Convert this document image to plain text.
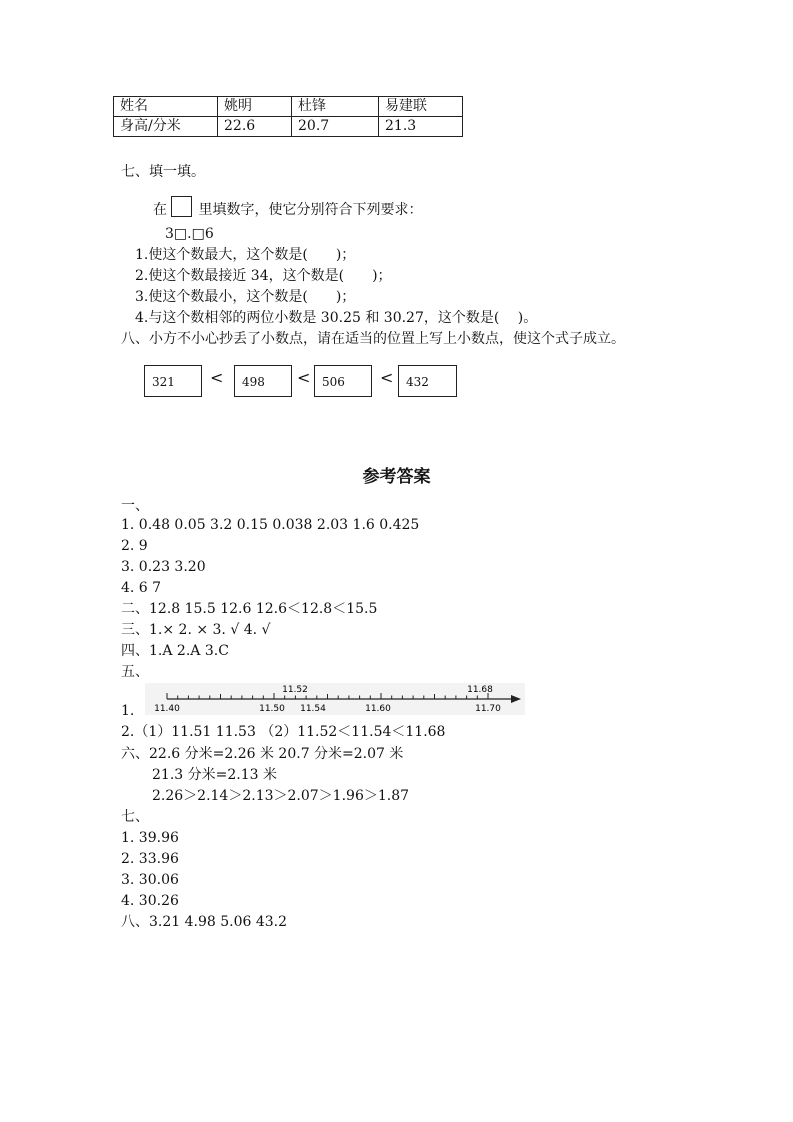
姓名	姚明	杜锋	易建联
身高/分米	22.6	20.7	21.3
七、填一填。
在 里填数字，使它分别符合下列要求：
3□.□6
1.使这个数最大，这个数是(　　)；
2.使这个数最接近 34，这个数是(　　)；
3.使这个数最小，这个数是(　　)；
4.与这个数相邻的两位小数是 30.25 和 30.27，这个数是(　 )。
八、小方不小心抄丢了小数点，请在适当的位置上写上小数点，使这个式子成立。
321	<	498	< 506	<	432
参考答案
一、
1. 0.48 0.05 3.2 0.15 0.038 2.03 1.6 0.425
2. 9
3. 0.23 3.20
4. 6 7
二、12.8 15.5 12.6 12.6＜12.8＜15.5
三、1.× 2. × 3. √ 4. √
四、1.A 2.A 3.C
五、
1. 11.40	11.50 11.54	11.60	11.70
11.52	11.68
2.（1）11.51 11.53 （2）11.52＜11.54＜11.68
六、22.6 分米=2.26 米 20.7 分米=2.07 米
21.3 分米=2.13 米
2.26＞2.14＞2.13＞2.07＞1.96＞1.87
七、
1. 39.96
2. 33.96
3. 30.06
4. 30.26
八、3.21 4.98 5.06 43.2
